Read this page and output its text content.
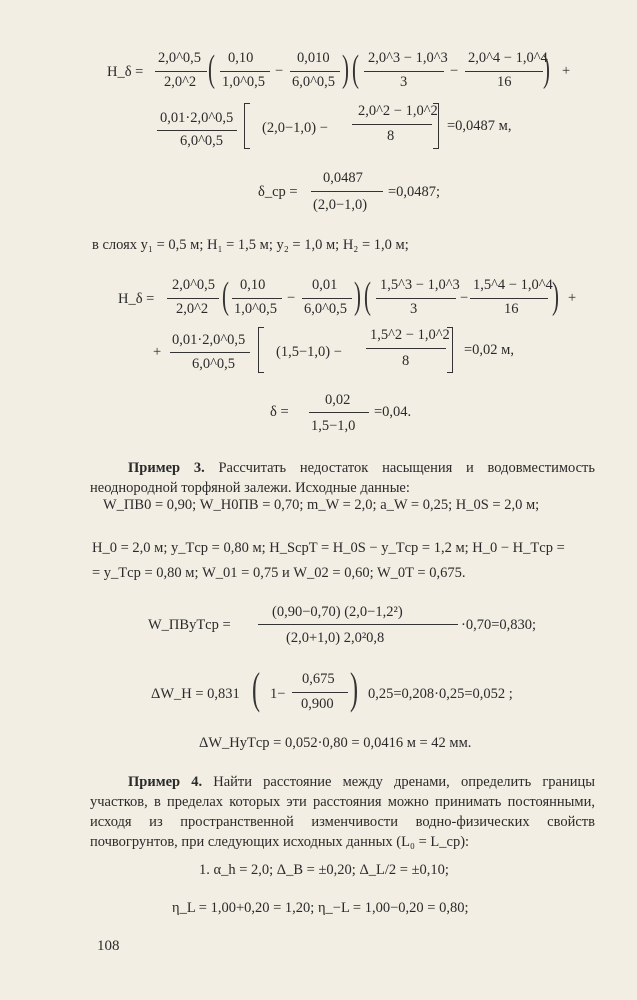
H_δ =
2,0^0,5
2,0^2 ( 0,10
1,0^0,5
−
0,010
6,0^0,5 ) ( 2,0^3 − 1,0^3
3
−
2,0^4 − 1,0^4
16 ) +
0,01·2,0^0,5
6,0^0,5
(2,0−1,0) −
2,0^2 − 1,0^2
8
=0,0487 м,
δ_ср =
0,0487
(2,0−1,0)
=0,0487;
в слоях y₁ = 0,5 м; H₁ = 1,5 м; y₂ = 1,0 м; H₂ = 1,0 м;
H_δ =
2,0^0,5
2,0^2 ( 0,10
1,0^0,5
−
0,01
6,0^0,5 ) ( 1,5^3 − 1,0^3
3
−
1,5^4 − 1,0^4
16 ) +
+
0,01·2,0^0,5
6,0^0,5
(1,5−1,0) −
1,5^2 − 1,0^2
8
=0,02 м,
δ =
0,02
1,5−1,0
=0,04.
Пример 3. Рассчитать недостаток насыщения и водовместимость неоднородной торфяной залежи. Исходные данные:
W_ПВ0 = 0,90; W_H0ПВ = 0,70; m_W = 2,0; a_W = 0,25; H_0S = 2,0 м;
H_0 = 2,0 м; y_Tср = 0,80 м; H_SсрT = H_0S − y_Tср = 1,2 м; H_0 − H_Tср =
= y_Tср = 0,80 м; W_01 = 0,75 и W_02 = 0,60; W_0T = 0,675.
W_ПВyTср =
(0,90−0,70) (2,0−1,2²)
(2,0+1,0) 2,0²0,8
·0,70=0,830;
ΔW_H = 0,831 ( 1−
0,675
0,900 ) 0,25=0,208·0,25=0,052 ;
ΔW_HyTср = 0,052·0,80 = 0,0416 м = 42 мм.
Пример 4. Найти расстояние между дренами, определить границы участков, в пределах которых эти расстояния можно принимать постоянными, исходя из пространственной изменчивости водно-физических свойств почвогрунтов, при следующих исходных данных (L₀ = L_ср):
1. α_h = 2,0; Δ_B = ±0,20; Δ_L/2 = ±0,10;
η_L = 1,00+0,20 = 1,20; η_−L = 1,00−0,20 = 0,80;
108
